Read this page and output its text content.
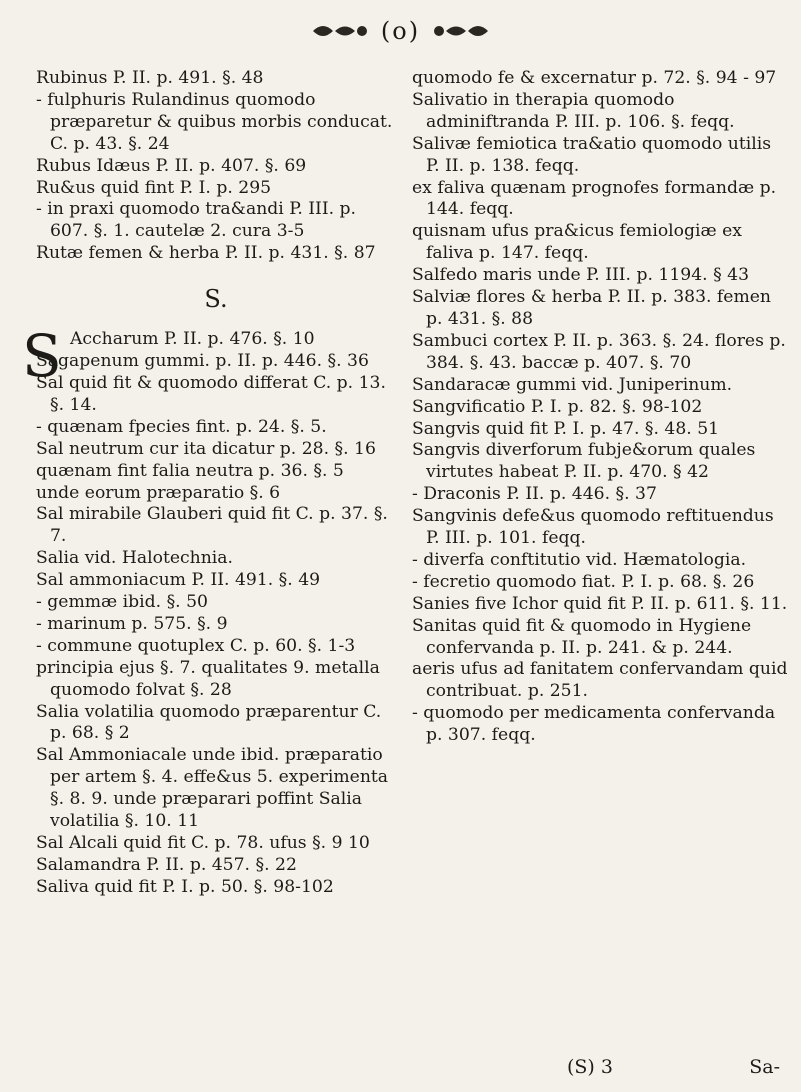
(o)
Rubinus P. II. p. 491. §. 48
- fulphuris Rulandinus quomodo præparetur & quibus morbis conducat. C. p. 43. §. 24
Rubus Idæus P. II. p. 407. §. 69
Ru&us quid fint P. I. p. 295
- in praxi quomodo tra&andi P. III. p. 607. §. 1. cautelæ 2. cura 3-5
Rutæ femen & herba P. II. p. 431. §. 87
S.
S Accharum P. II. p. 476. §. 10
Sagapenum gummi. p. II. p. 446. §. 36
Sal quid fit & quomodo differat C. p. 13. §. 14.
- quænam fpecies fint. p. 24. §. 5.
Sal neutrum cur ita dicatur p. 28. §. 16
quænam fint falia neutra p. 36. §. 5
unde eorum præparatio §. 6
Sal mirabile Glauberi quid fit C. p. 37. §. 7.
Salia vid. Halotechnia.
Sal ammoniacum P. II. 491. §. 49
- gemmæ ibid. §. 50
- marinum p. 575. §. 9
- commune quotuplex C. p. 60. §. 1-3
principia ejus §. 7. qualitates 9. metalla quomodo folvat §. 28
Salia volatilia quomodo præparentur C. p. 68. § 2
Sal Ammoniacale unde ibid. præparatio per artem §. 4. effe&us 5. experimenta §. 8. 9. unde præparari poffint Salia volatilia §. 10. 11
Sal Alcali quid fit C. p. 78. ufus §. 9 10
Salamandra P. II. p. 457. §. 22
Saliva quid fit P. I. p. 50. §. 98-102
quomodo fe & excernatur p. 72. §. 94 - 97
Salivatio in therapia quomodo adminiftranda P. III. p. 106. §. feqq.
Salivæ femiotica tra&atio quomodo utilis P. II. p. 138. feqq.
ex faliva quænam prognofes formandæ p. 144. feqq.
quisnam ufus pra&icus femiologiæ ex faliva p. 147. feqq.
Salfedo maris unde P. III. p. 1194. § 43
Salviæ flores & herba P. II. p. 383. femen p. 431. §. 88
Sambuci cortex P. II. p. 363. §. 24. flores p. 384. §. 43. baccæ p. 407. §. 70
Sandaracæ gummi vid. Juniperinum.
Sangvificatio P. I. p. 82. §. 98-102
Sangvis quid fit P. I. p. 47. §. 48. 51
Sangvis diverforum fubje&orum quales virtutes habeat P. II. p. 470. § 42
- Draconis P. II. p. 446. §. 37
Sangvinis defe&us quomodo reftituendus P. III. p. 101. feqq.
- diverfa conftitutio vid. Hæmatologia.
- fecretio quomodo fiat. P. I. p. 68. §. 26
Sanies five Ichor quid fit P. II. p. 611. §. 11.
Sanitas quid fit & quomodo in Hygiene confervanda p. II. p. 241. & p. 244.
aeris ufus ad fanitatem confervandam quid contribuat. p. 251.
- quomodo per medicamenta confervanda p. 307. feqq.
(S) 3	Sa-
